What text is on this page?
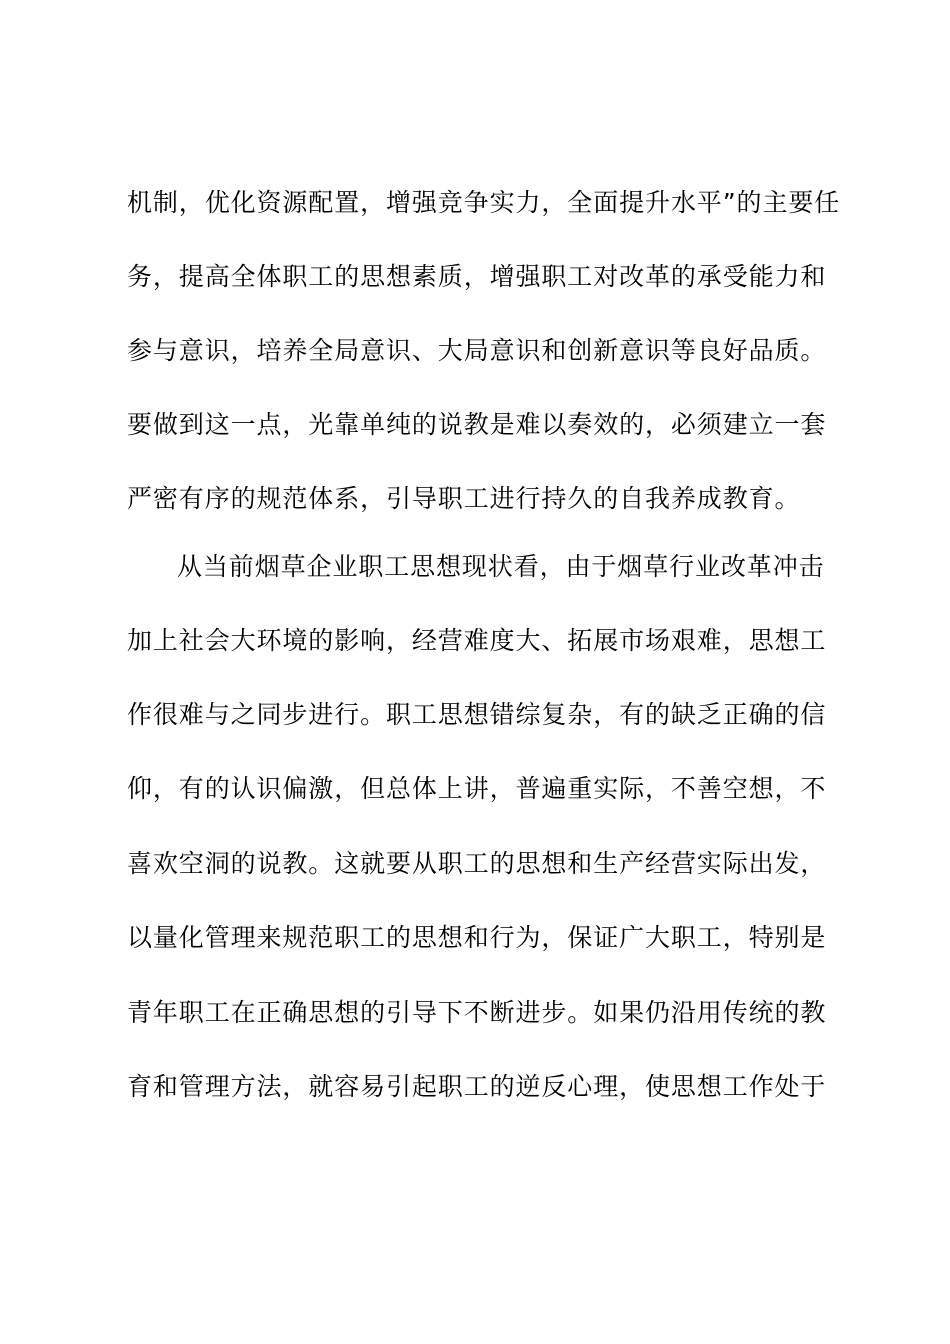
机制，优化资源配置，增强竞争实力，全面提升水平”的主要任
务，提高全体职工的思想素质，增强职工对改革的承受能力和
参与意识，培养全局意识、大局意识和创新意识等良好品质。
要做到这一点，光靠单纯的说教是难以奏效的，必须建立一套
严密有序的规范体系，引导职工进行持久的自我养成教育。
从当前烟草企业职工思想现状看，由于烟草行业改革冲击
加上社会大环境的影响，经营难度大、拓展市场艰难，思想工
作很难与之同步进行。职工思想错综复杂，有的缺乏正确的信
仰，有的认识偏激，但总体上讲，普遍重实际，不善空想，不
喜欢空洞的说教。这就要从职工的思想和生产经营实际出发，
以量化管理来规范职工的思想和行为，保证广大职工，特别是
青年职工在正确思想的引导下不断进步。如果仍沿用传统的教
育和管理方法，就容易引起职工的逆反心理，使思想工作处于
